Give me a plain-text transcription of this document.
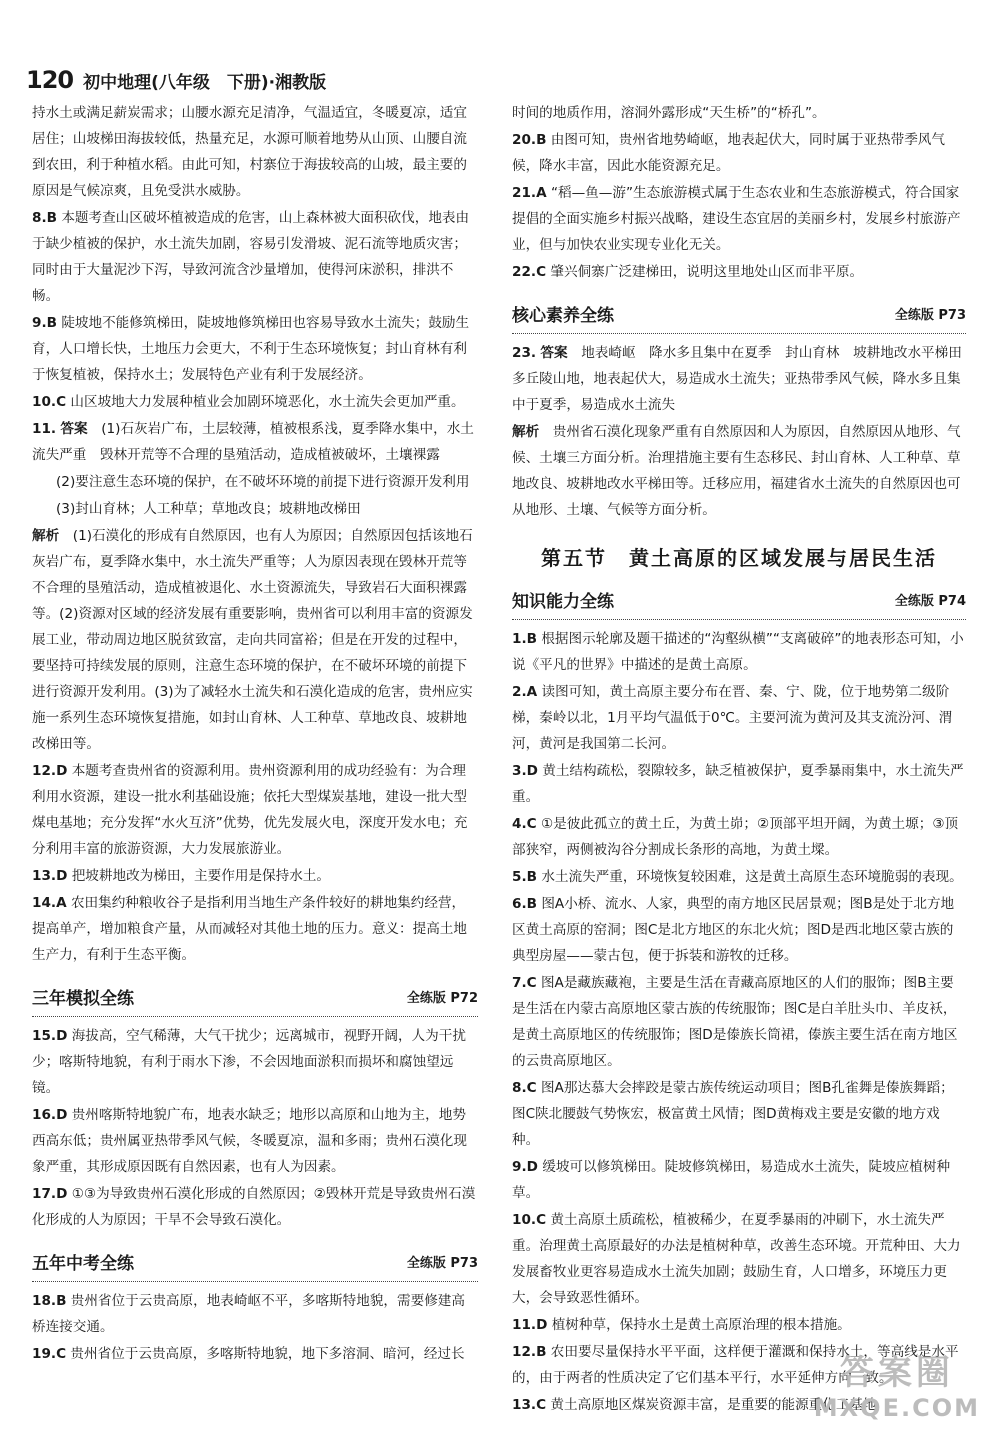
120 初中地理(八年级　下册)·湘教版
持水土或满足薪炭需求；山腰水源充足清净，气温适宜，冬暖夏凉，适宜居住；山坡梯田海拔较低，热量充足，水源可顺着地势从山顶、山腰自流到农田，利于种植水稻。由此可知，村寨位于海拔较高的山坡，最主要的原因是气候凉爽，且免受洪水威胁。
8.B 本题考查山区破坏植被造成的危害，山上森林被大面积砍伐，地表由于缺少植被的保护，水土流失加剧，容易引发滑坡、泥石流等地质灾害；同时由于大量泥沙下泻，导致河流含沙量增加，使得河床淤积，排洪不畅。
9.B 陡坡地不能修筑梯田，陡坡地修筑梯田也容易导致水土流失；鼓励生育，人口增长快，土地压力会更大，不利于生态环境恢复；封山育林有利于恢复植被，保持水土；发展特色产业有利于发展经济。
10.C 山区坡地大力发展种植业会加剧环境恶化，水土流失会更加严重。
11. 答案　 (1)石灰岩广布，土层较薄，植被根系浅，夏季降水集中，水土流失严重　毁林开荒等不合理的垦殖活动，造成植被破坏，土壤裸露
(2)要注意生态环境的保护，在不破坏环境的前提下进行资源开发利用
(3)封山育林；人工种草；草地改良；坡耕地改梯田
解析　 (1)石漠化的形成有自然原因，也有人为原因；自然原因包括该地石灰岩广布，夏季降水集中，水土流失严重等；人为原因表现在毁林开荒等不合理的垦殖活动，造成植被退化、水土资源流失，导致岩石大面积裸露等。(2)资源对区域的经济发展有重要影响，贵州省可以利用丰富的资源发展工业，带动周边地区脱贫致富，走向共同富裕；但是在开发的过程中，要坚持可持续发展的原则，注意生态环境的保护，在不破坏环境的前提下进行资源开发利用。(3)为了减轻水土流失和石漠化造成的危害，贵州应实施一系列生态环境恢复措施，如封山育林、人工种草、草地改良、坡耕地改梯田等。
12.D 本题考查贵州省的资源利用。贵州资源利用的成功经验有：为合理利用水资源，建设一批水利基础设施；依托大型煤炭基地，建设一批大型煤电基地；充分发挥“水火互济”优势，优先发展火电，深度开发水电；充分利用丰富的旅游资源，大力发展旅游业。
13.D 把坡耕地改为梯田，主要作用是保持水土。
14.A 农田集约种粮收谷子是指利用当地生产条件较好的耕地集约经营，提高单产，增加粮食产量，从而减轻对其他土地的压力。意义：提高土地生产力，有利于生态平衡。
三年模拟全练	全练版 P72
15.D 海拔高，空气稀薄，大气干扰少；远离城市，视野开阔，人为干扰少；喀斯特地貌，有利于雨水下渗，不会因地面淤积而损坏和腐蚀望远镜。
16.D 贵州喀斯特地貌广布，地表水缺乏；地形以高原和山地为主，地势西高东低；贵州属亚热带季风气候，冬暖夏凉，温和多雨；贵州石漠化现象严重，其形成原因既有自然因素，也有人为因素。
17.D ①③为导致贵州石漠化形成的自然原因；②毁林开荒是导致贵州石漠化形成的人为原因；干旱不会导致石漠化。
五年中考全练	全练版 P73
18.B 贵州省位于云贵高原，地表崎岖不平，多喀斯特地貌，需要修建高桥连接交通。
19.C 贵州省位于云贵高原，多喀斯特地貌，地下多溶洞、暗河，经过长
时间的地质作用，溶洞外露形成“天生桥”的“桥孔”。
20.B 由图可知，贵州省地势崎岖，地表起伏大，同时属于亚热带季风气候，降水丰富，因此水能资源充足。
21.A “稻—鱼—游”生态旅游模式属于生态农业和生态旅游模式，符合国家提倡的全面实施乡村振兴战略，建设生态宜居的美丽乡村，发展乡村旅游产业，但与加快农业实现专业化无关。
22.C 肇兴侗寨广泛建梯田，说明这里地处山区而非平原。
核心素养全练	全练版 P73
23. 答案　 地表崎岖　降水多且集中在夏季　封山育林　坡耕地改水平梯田　多丘陵山地，地表起伏大，易造成水土流失；亚热带季风气候，降水多且集中于夏季，易造成水土流失
解析　 贵州省石漠化现象严重有自然原因和人为原因，自然原因从地形、气候、土壤三方面分析。治理措施主要有生态移民、封山育林、人工种草、草地改良、坡耕地改水平梯田等。迁移应用，福建省水土流失的自然原因也可从地形、土壤、气候等方面分析。
第五节　黄土高原的区域发展与居民生活
知识能力全练	全练版 P74
1.B 根据图示轮廓及题干描述的“沟壑纵横”“支离破碎”的地表形态可知，小说《平凡的世界》中描述的是黄土高原。
2.A 读图可知，黄土高原主要分布在晋、秦、宁、陇，位于地势第二级阶梯，秦岭以北，1月平均气温低于0℃。主要河流为黄河及其支流汾河、渭河，黄河是我国第二长河。
3.D 黄土结构疏松，裂隙较多，缺乏植被保护，夏季暴雨集中，水土流失严重。
4.C ①是彼此孤立的黄土丘，为黄土峁；②顶部平坦开阔，为黄土塬；③顶部狭窄，两侧被沟谷分割成长条形的高地，为黄土墚。
5.B 水土流失严重，环境恢复较困难，这是黄土高原生态环境脆弱的表现。
6.B 图A小桥、流水、人家，典型的南方地区民居景观；图B是处于北方地区黄土高原的窑洞；图C是北方地区的东北火炕；图D是西北地区蒙古族的典型房屋——蒙古包，便于拆装和游牧的迁移。
7.C 图A是藏族藏袍，主要是生活在青藏高原地区的人们的服饰；图B主要是生活在内蒙古高原地区蒙古族的传统服饰；图C是白羊肚头巾、羊皮袄，是黄土高原地区的传统服饰；图D是傣族长筒裙，傣族主要生活在南方地区的云贵高原地区。
8.C 图A那达慕大会摔跤是蒙古族传统运动项目；图B孔雀舞是傣族舞蹈；图C陕北腰鼓气势恢宏，极富黄土风情；图D黄梅戏主要是安徽的地方戏种。
9.D 缓坡可以修筑梯田。陡坡修筑梯田，易造成水土流失，陡坡应植树种草。
10.C 黄土高原土质疏松，植被稀少，在夏季暴雨的冲刷下，水土流失严重。治理黄土高原最好的办法是植树种草，改善生态环境。开荒种田、大力发展畜牧业更容易造成水土流失加剧；鼓励生育，人口增多，环境压力更大，会导致恶性循环。
11.D 植树种草，保持水土是黄土高原治理的根本措施。
12.B 农田要尽量保持水平平面，这样便于灌溉和保持水土，等高线是水平的，由于两者的性质决定了它们基本平行，水平延伸方向一致。
13.C 黄土高原地区煤炭资源丰富，是重要的能源重化工基地
答案圈
MXQE.COM
